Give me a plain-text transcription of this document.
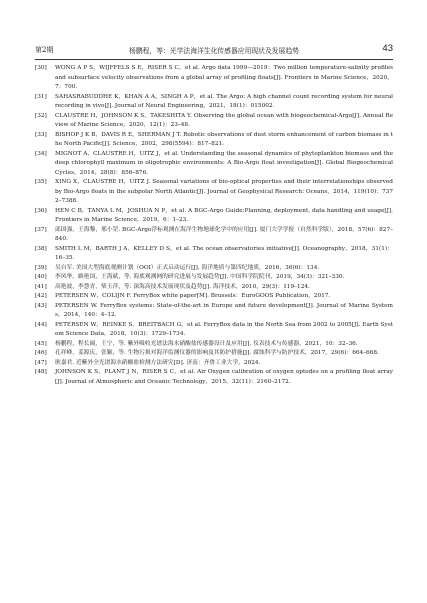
第2期	杨鹏程，等：光学法海洋生化传感器应用现状及发展趋势	43
[30] WONG A P S，WIJFFELS S E，RISER S C，et al. Argo data 1999—2019：Two million temperature-salinity profiles and subsurface velocity observations from a global array of profiling floats[J]. Frontiers in Marine Science，2020，7：700.
[31] SAHASRABUDDHE K，KHAN A A，SINGH A P，et al. The Argo: A high channel count recording system for neural recording in vivo[J]. Journal of Neural Engineering，2021，18(1)：015002.
[32] CLAUSTRE H，JOHNSON K S，TAKESHITA Y. Observing the global ocean with biogeochemical-Argo[J]. Annual Review of Marine Science，2020，12(1)：23–48.
[33] BISHOP J K B，DAVIS R E，SHERMAN J T. Robotic observations of dust storm enhancement of carbon biomass in the North Pacific[J]. Science，2002，298(5594)：817–821.
[34] MIGNOT A，CLAUSTRE H，UITZ J，et al. Understanding the seasonal dynamics of phytoplankton biomass and the deep chlorophyll maximum in oligotrophic environments: A Bio-Argo float investigation[J]. Global Biogeochemical Cycles，2014，28(8)：856–876.
[35] XING X，CLAUSTRE H，UITZ J. Seasonal variations of bio-optical properties and their interrelationships observed by Bio-Argo floats in the subpolar North Atlantic[J]. Journal of Geophysical Research: Oceans，2014，119(10)：7372–7388.
[36] HEN C B，TANYA L M，JOSHUA N P，et al. A BGC-Argo Guide:Planning, deployment, data handling and usage[J]. Frontiers in Marine Science，2019，6：1–23.
[37] 邱国强，王海黎，邢小罡. BGC-Argo浮标观测在海洋生物地球化学中的应用[J]. 厦门大学学报（自然科学版），2018，57(6)：827–840.
[38] SMITH L M，BARTH J A，KELLEY D S，et al. The ocean observatories initiative[J]. Oceanography，2018，31(1)：16–35.
[39] 吴自军. 美国大型海底观测计划（OOI）正式启动运行[J]. 海洋地质与第四纪地质，2016，36(6)：134.
[40] 李风华，路艳国，王海斌，等. 海底观测网的研究进展与发展趋势[J]. 中国科学院院刊，2019，34(3)：321–330.
[41] 高艳波，李慧青，柴玉萍，等. 深海高技术发展现状及趋势[J]. 海洋技术，2010，29(3)：119–124.
[42] PETERSEN W，COLIJN F. FerryBox white paper[M]. Brussels：EuroGOOS Publication，2017.
[43] PETERSEN W. FerryBox systems: State-of-the-art in Europe and future development[J]. Journal of Marine Systems，2014，140：4–12.
[44] PETERSEN W，REINKE S，BREITBACH G，et al. FerryBox data in the North Sea from 2002 to 2005[J]. Earth System Science Data，2018，10(3)：1729–1734.
[45] 杨鹏程，程长阔，王宁，等. 紫外吸收光谱法海水硝酸盐传感器设计及应用[J]. 仪表技术与传感器，2021，10：32–36.
[46] 孔祥峰，姜源庆，张颖，等. 生物污损对海洋监测仪器的影响及其防护措施[J]. 腐蚀科学与防护技术，2017，29(6)：664–668.
[47] 耿嘉君. 近紫外全光谱海水硝酸盐检测方法研究[D]. 济南：齐鲁工业大学，2024.
[48] JOHNSON K S，PLANT J N，RISER S C，et al. Air Oxygen calibration of oxygen optodes on a profiling float array[J]. Journal of Atmospheric and Oceanic Technology，2015，32(11)：2160–2172.
